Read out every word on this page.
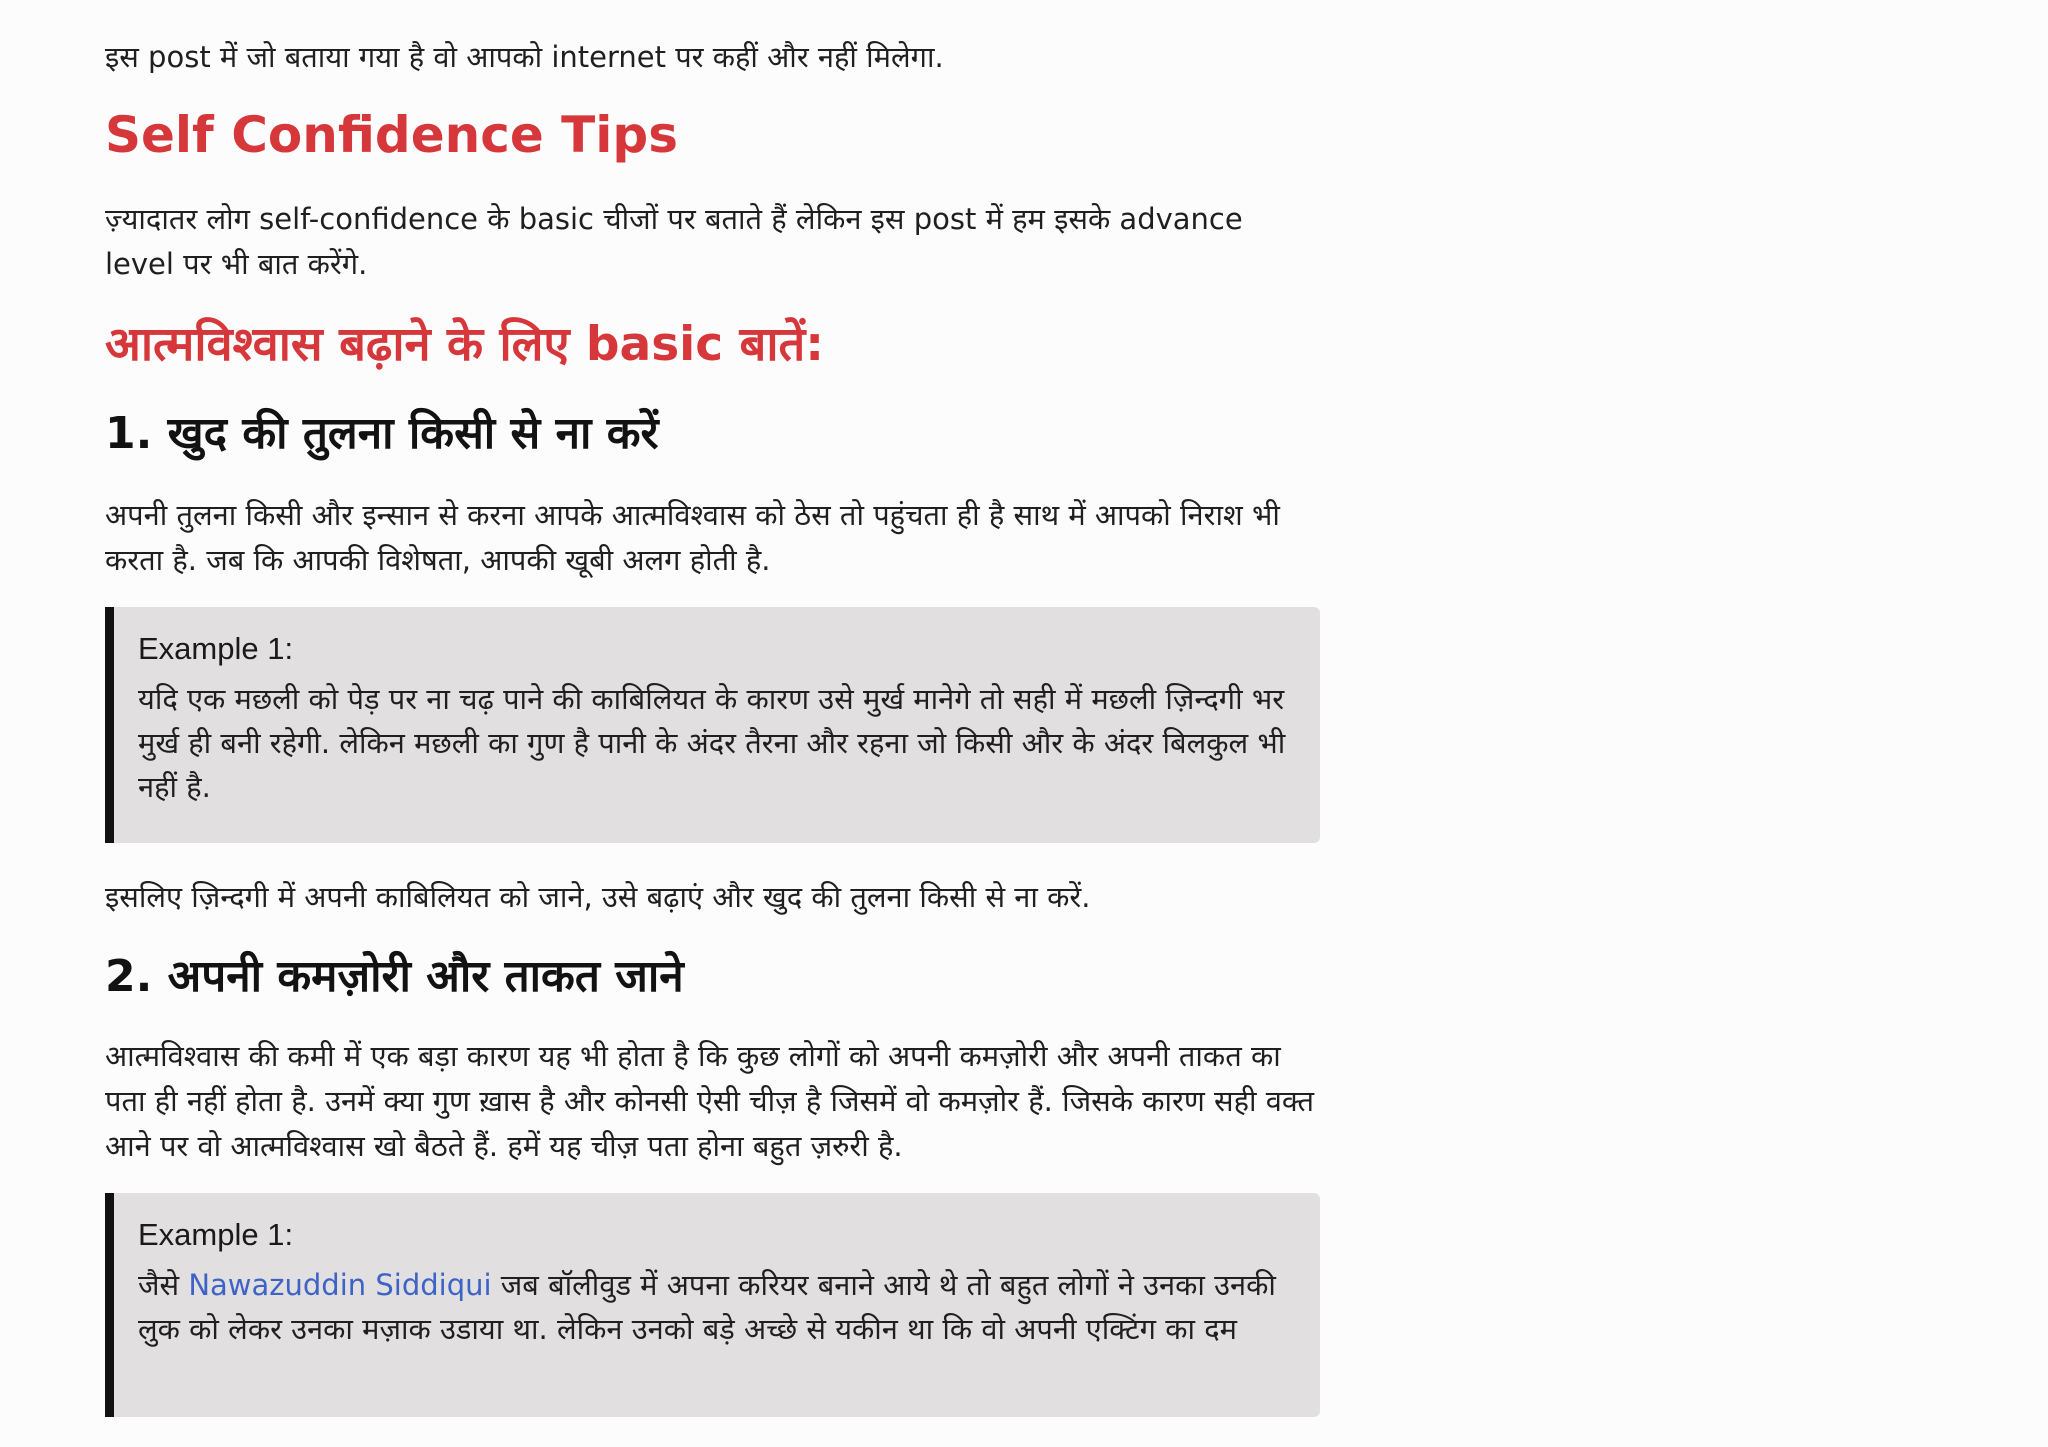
इस post में जो बताया गया है वो आपको internet पर कहीं और नहीं मिलेगा.

Self Confidence Tips

ज़्यादातर लोग self-confidence के basic चीजों पर बताते हैं लेकिन इस post में हम इसके advance level पर भी बात करेंगे.

आत्मविश्वास बढ़ाने के लिए basic बातें:
1. खुद की तुलना किसी से ना करें

अपनी तुलना किसी और इन्सान से करना आपके आत्मविश्वास को ठेस तो पहुंचता ही है साथ में आपको निराश भी करता है. जब कि आपकी विशेषता, आपकी खूबी अलग होती है.

Example 1:

यदि एक मछली को पेड़ पर ना चढ़ पाने की काबिलियत के कारण उसे मुर्ख मानेगे तो सही में मछली ज़िन्दगी भर मुर्ख ही बनी रहेगी. लेकिन मछली का गुण है पानी के अंदर तैरना और रहना जो किसी और के अंदर बिलकुल भी नहीं है.

इसलिए ज़िन्दगी में अपनी काबिलियत को जाने, उसे बढ़ाएं और खुद की तुलना किसी से ना करें.

2. अपनी कमज़ोरी और ताकत जाने

आत्मविश्वास की कमी में एक बड़ा कारण यह भी होता है कि कुछ लोगों को अपनी कमज़ोरी और अपनी ताकत का पता ही नहीं होता है. उनमें क्या गुण ख़ास है और कोनसी ऐसी चीज़ है जिसमें वो कमज़ोर हैं. जिसके कारण सही वक्त आने पर वो आत्मविश्वास खो बैठते हैं. हमें यह चीज़ पता होना बहुत ज़रुरी है.

Example 1:

जैसे Nawazuddin Siddiqui जब बॉलीवुड में अपना करियर बनाने आये थे तो बहुत लोगों ने उनका उनकी लुक को लेकर उनका मज़ाक उडाया था. लेकिन उनको बड़े अच्छे से यकीन था कि वो अपनी एक्टिंग का दम
